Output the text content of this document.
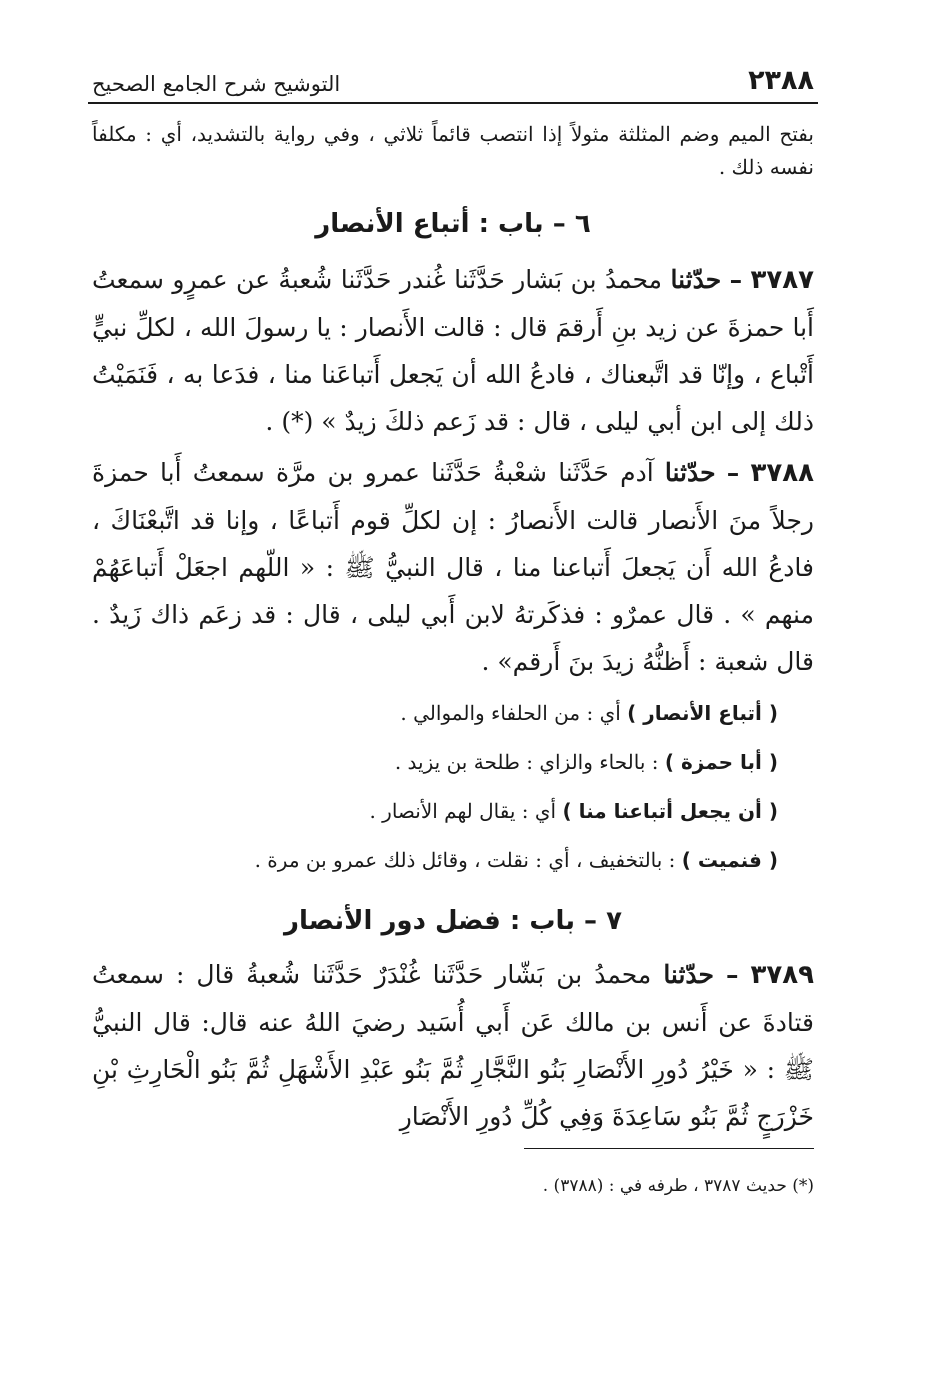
٢٣٨٨
التوشيح شرح الجامع الصحيح

بفتح الميم وضم المثلثة مثولاً إذا انتصب قائماً ثلاثي ، وفي رواية بالتشديد، أي : مكلفاً نفسه ذلك .

٦ – باب : أتباع الأنصار

٣٧٨٧ – حدّثنا محمدُ بن بَشار حَدَّثَنا غُندر حَدَّثَنا شُعبةُ عن عمرٍو سمعتُ أَبا حمزةَ عن زيد بنِ أَرقمَ قال : قالت الأَنصار : يا رسولَ الله ، لكلِّ نبيٍّ أَتْباع ، وإنّا قد اتَّبعناك ، فادعُ الله أن يَجعل أَتباعَنا منا ، فدَعا به ، فَنَمَيْتُ ذلك إلى ابن أبي ليلى ، قال : قد زَعم ذلكَ زيدٌ » (*) .

٣٧٨٨ – حدّثنا آدم حَدَّثَنا شعْبةُ حَدَّثَنا عمرو بن مرَّة سمعتُ أَبا حمزةَ رجلاً منَ الأَنصار قالت الأَنصارُ : إن لكلِّ قوم أَتباعًا ، وإنا قد اتَّبعْنَاكَ ، فادعُ الله أَن يَجعلَ أَتباعنا منا ، قال النبيُّ ﷺ : « اللّهم اجعَلْ أَتباعَهُمْ منهم » . قال عمرٌو : فذكَرتهُ لابن أَبي ليلى ، قال : قد زعَم ذاك زَيدٌ . قال شعبة : أَظنُّهُ زيدَ بنَ أَرقم» .

( أتباع الأنصار ) أي : من الحلفاء والموالي .

( أبا حمزة ) : بالحاء والزاي : طلحة بن يزيد .

( أن يجعل أتباعنا منا ) أي : يقال لهم الأنصار .

( فنميت ) : بالتخفيف ، أي : نقلت ، وقائل ذلك عمرو بن مرة .

٧ – باب : فضل دور الأنصار

٣٧٨٩ – حدّثنا محمدُ بن بَشّار حَدَّثَنا غُنْدَرٌ حَدَّثَنا شُعبةُ قال : سمعتُ قتادةَ عن أَنس بن مالك عَن أَبي أُسَيد رضيَ اللهُ عنه قال: قال النبيُّ ﷺ : « خَيْرُ دُورِ الأَنْصَارِ بَنُو النَّجَّارِ ثُمَّ بَنُو عَبْدِ الأَشْهَلِ ثُمَّ بَنُو الْحَارِثِ بْنِ خَزْرَجٍ ثُمَّ بَنُو سَاعِدَةَ وَفِي كُلِّ دُورِ الأَنْصَارِ

(*) حديث ٣٧٨٧ ، طرفه في : (٣٧٨٨) .
